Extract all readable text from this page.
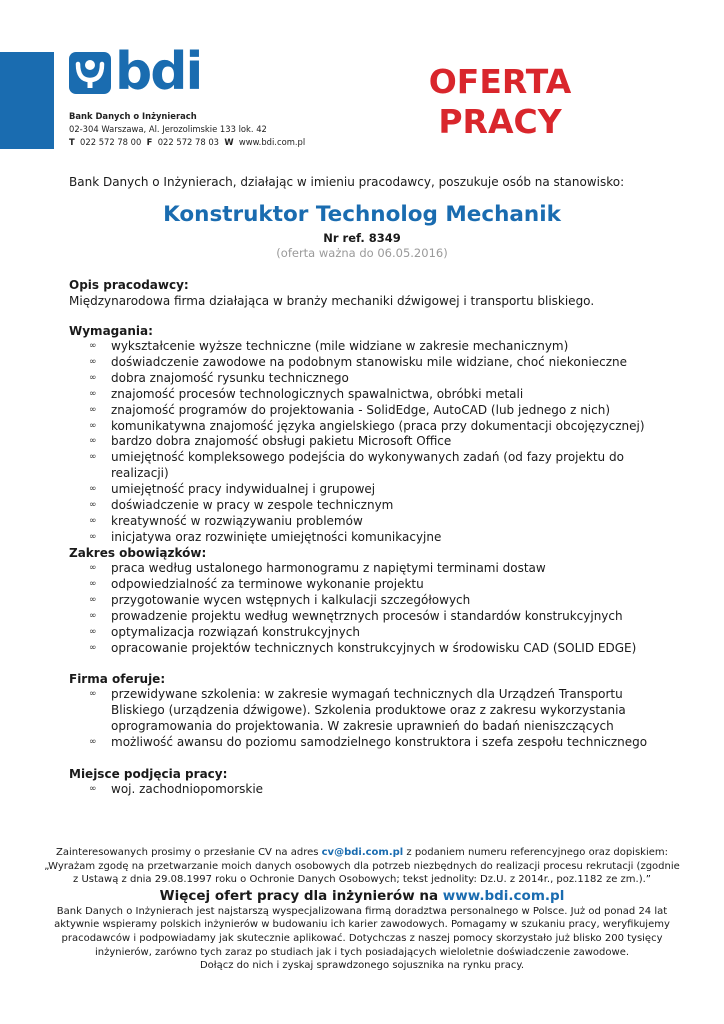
bdi
Bank Danych o Inżynierach
02-304 Warszawa, Al. Jerozolimskie 133 lok. 42
T 022 572 78 00 F 022 572 78 03 W www.bdi.com.pl
OFERTA
PRACY
Bank Danych o Inżynierach, działając w imieniu pracodawcy, poszukuje osób na stanowisko:
Konstruktor Technolog Mechanik
Nr ref. 8349
(oferta ważna do 06.05.2016)
Opis pracodawcy:

Międzynarodowa firma działająca w branży mechaniki dźwigowej i transportu bliskiego.

Wymagania:
∞ wykształcenie wyższe techniczne (mile widziane w zakresie mechanicznym)
∞ doświadczenie zawodowe na podobnym stanowisku mile widziane, choć niekonieczne
∞ dobra znajomość rysunku technicznego
∞ znajomość procesów technologicznych spawalnictwa, obróbki metali
∞ znajomość programów do projektowania - SolidEdge, AutoCAD (lub jednego z nich)
∞ komunikatywna znajomość języka angielskiego (praca przy dokumentacji obcojęzycznej)
∞ bardzo dobra znajomość obsługi pakietu Microsoft Office
∞ umiejętność kompleksowego podejścia do wykonywanych zadań (od fazy projektu do realizacji)
∞ umiejętność pracy indywidualnej i grupowej
∞ doświadczenie w pracy w zespole technicznym
∞ kreatywność w rozwiązywaniu problemów
∞ inicjatywa oraz rozwinięte umiejętności komunikacyjne
Zakres obowiązków:
∞ praca według ustalonego harmonogramu z napiętymi terminami dostaw
∞ odpowiedzialność za terminowe wykonanie projektu
∞ przygotowanie wycen wstępnych i kalkulacji szczegółowych
∞ prowadzenie projektu według wewnętrznych procesów i standardów konstrukcyjnych
∞ optymalizacja rozwiązań konstrukcyjnych
∞ opracowanie projektów technicznych konstrukcyjnych w środowisku CAD (SOLID EDGE)
Firma oferuje:
∞ przewidywane szkolenia: w zakresie wymagań technicznych dla Urządzeń Transportu Bliskiego (urządzenia dźwigowe). Szkolenia produktowe oraz z zakresu wykorzystania oprogramowania do projektowania. W zakresie uprawnień do badań nieniszczących
∞ możliwość awansu do poziomu samodzielnego konstruktora i szefa zespołu technicznego
Miejsce podjęcia pracy:
∞ woj. zachodniopomorskie
Zainteresowanych prosimy o przesłanie CV na adres cv@bdi.com.pl z podaniem numeru referencyjnego oraz dopiskiem:
„Wyrażam zgodę na przetwarzanie moich danych osobowych dla potrzeb niezbędnych do realizacji procesu rekrutacji (zgodnie z Ustawą z dnia 29.08.1997 roku o Ochronie Danych Osobowych; tekst jednolity: Dz.U. z 2014r., poz.1182 ze zm.).”
Więcej ofert pracy dla inżynierów na www.bdi.com.pl
Bank Danych o Inżynierach jest najstarszą wyspecjalizowana firmą doradztwa personalnego w Polsce. Już od ponad 24 lat aktywnie wspieramy polskich inżynierów w budowaniu ich karier zawodowych. Pomagamy w szukaniu pracy, weryfikujemy pracodawców i podpowiadamy jak skutecznie aplikować. Dotychczas z naszej pomocy skorzystało już blisko 200 tysięcy inżynierów, zarówno tych zaraz po studiach jak i tych posiadających wieloletnie doświadczenie zawodowe.
Dołącz do nich i zyskaj sprawdzonego sojusznika na rynku pracy.
